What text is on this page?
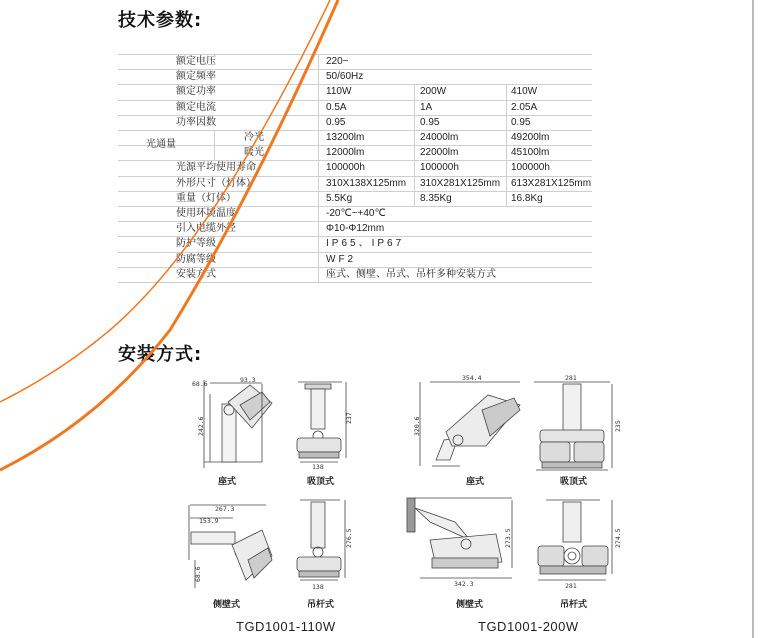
技术参数:
安装方式:
光通量
额定电压	220~
额定频率	50/60Hz
额定功率	110W	200W	410W
额定电流	0.5A	1A	2.05A
功率因数	0.95	0.95	0.95
冷光	13200lm	24000lm	49200lm
暖光	12000lm	22000lm	45100lm
光源平均使用寿命	100000h	100000h	100000h
外形尺寸（灯体）	310X138X125mm 310X281X125mm 613X281X125mm
重量（灯体）	5.5Kg	8.35Kg	16.8Kg
使用环境温度	-20℃~+40℃
引入电缆外径	Φ10-Φ12mm
防护等级	IP65、IP67
防腐等级	WF2
安装方式	座式、侧壁、吊式、吊杆多种安装方式
68.6	93.3
242.6	237
138
267.3
153.9
68.6
276.5
138
354.4
320.6
281
235
273.5
342.3
274.5
281
座式	吸顶式
侧壁式	吊杆式
座式	吸顶式
侧壁式	吊杆式
TGD1001-110W	TGD1001-200W
